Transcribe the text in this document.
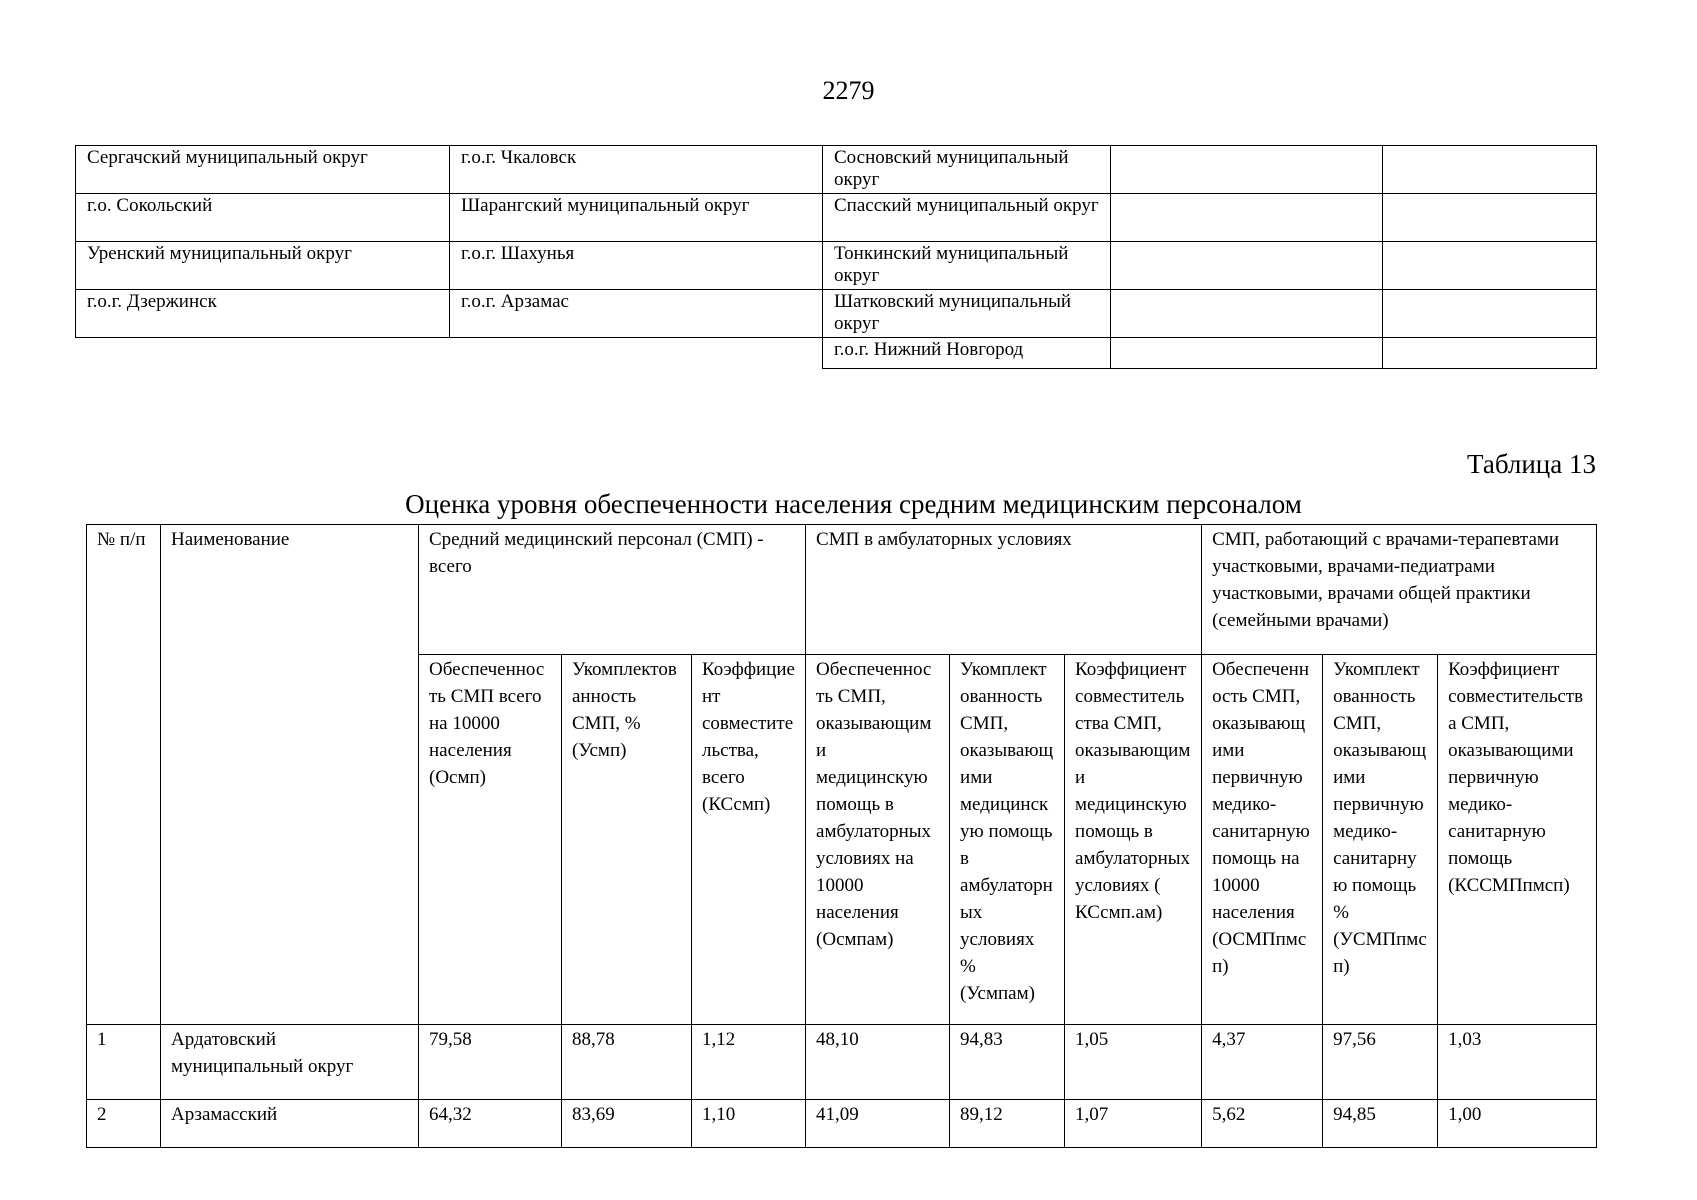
2279
Сергачский муниципальный округ	г.о.г. Чкаловск	Сосновский муниципальный округ		
г.о. Сокольский	Шарангский муниципальный округ	Спасский муниципальный округ		
Уренский муниципальный округ	г.о.г. Шахунья	Тонкинский муниципальный округ		
г.о.г. Дзержинск	г.о.г. Арзамас	Шатковский муниципальный округ		
		г.о.г. Нижний Новгород		
Таблица 13
Оценка уровня обеспеченности населения средним медицинским персоналом
№ п/п	Наименование	Средний медицинский персонал (СМП) - всего			СМП в амбулаторных условиях			СМП, работающий с врачами-терапевтами участковыми, врачами-педиатрами участковыми, врачами общей практики (семейными врачами)		
		Обеспеченность СМП всего на 10000 населения (Осмп)	Укомплектованность СМП, % (Усмп)	Коэффициент совместительства, всего (КСсмп)	Обеспеченность СМП, оказывающими медицинскую помощь в амбулаторных условиях на 10000 населения (Осмпам)	Укомплектованность СМП, оказывающими медицинскую помощь в амбулаторных условиях % (Усмпам)	Коэффициент совместительства СМП, оказывающими медицинскую помощь в амбулаторных условиях ( КСсмп.ам)	Обеспеченность СМП, оказывающими первичную медико-санитарную помощь на 10000 населения (ОСМПпмсп)	Укомплектованность СМП, оказывающими первичную медико-санитарную помощь % (УСМПпмсп)	Коэффициент совместительства СМП, оказывающими первичную медико-санитарную помощь (КССМПпмсп)
1	Ардатовский муниципальный округ	79,58	88,78	1,12	48,10	94,83	1,05	4,37	97,56	1,03
2	Арзамасский	64,32	83,69	1,10	41,09	89,12	1,07	5,62	94,85	1,00
